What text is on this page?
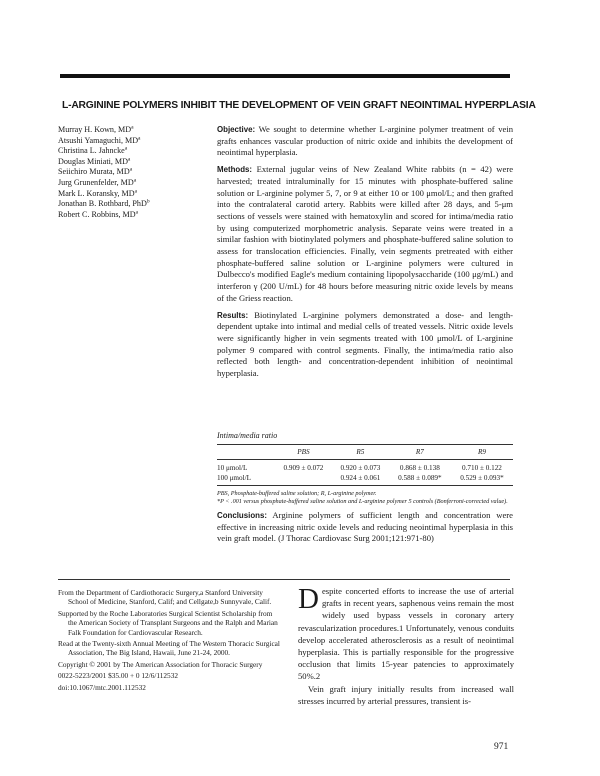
L-ARGININE POLYMERS INHIBIT THE DEVELOPMENT OF VEIN GRAFT NEOINTIMAL HYPERPLASIA
Murray H. Kown, $MD^a$
Atsushi Yamaguchi, $MD^a$
Christina L. Jahncke$^a$
Douglas Miniati, $MD^a$
Seiichiro Murata, $MD^a$
Jurg Grunenfelder, $MD^a$
Mark L. Koransky, $MD^a$
Jonathan B. Rothbard, PhD$^b$
Robert C. Robbins, $MD^a$

Objective: We sought to determine whether L-arginine polymer treatment of vein grafts enhances vascular production of nitric oxide and inhibits the development of neointimal hyperplasia.

Methods: External jugular veins of New Zealand White rabbits (n = 42) were harvested; treated intraluminally for 15 minutes with phosphate-buffered saline solution or L-arginine polymer 5, 7, or 9 at either 10 or 100 μmol/L; and then grafted into the contralateral carotid artery. Rabbits were killed after 28 days, and 5-μm sections of vessels were stained with hematoxylin and scored for intima/media ratio by using computerized morphometric analysis. Separate veins were treated in a similar fashion with biotinylated polymers and phosphate-buffered saline solution to assess for translocation efficiencies. Finally, vein segments pretreated with either phosphate-buffered saline solution or L-arginine polymers were cultured in Dulbecco's modified Eagle's medium containing lipopolysaccharide (100 μg/mL) and interferon γ (200 U/mL) for 48 hours before measuring nitric oxide levels by means of the Griess reaction.

Results: Biotinylated L-arginine polymers demonstrated a dose- and length-dependent uptake into intimal and medial cells of treated vessels. Nitric oxide levels were significantly higher in vein segments treated with 100 μmol/L of L-arginine polymer 9 compared with control segments. Finally, the intima/media ratio also reflected both length- and concentration-dependent inhibition of neointimal hyperplasia.

Intima/media ratio
	PBS	R5	R7	R9
10 μmol/L	0.909 ± 0.072	0.920 ± 0.073	0.868 ± 0.138	0.710 ± 0.122
100 μmol/L		0.924 ± 0.061	0.588 ± 0.089*	0.529 ± 0.093*
PBS, Phosphate-buffered saline solution; R, L-arginine polymer.
*P < .001 versus phosphate-buffered saline solution and L-arginine polymer 5 controls (Bonferroni-corrected value).

Conclusions: Arginine polymers of sufficient length and concentration were effective in increasing nitric oxide levels and reducing neointimal hyperplasia in this vein graft model. (J Thorac Cardiovasc Surg 2001;121:971-80)

From the Department of Cardiothoracic Surgery,a Stanford University School of Medicine, Stanford, Calif; and Cellgate,b Sunnyvale, Calif.

Supported by the Roche Laboratories Surgical Scientist Scholarship from the American Society of Transplant Surgeons and the Ralph and Marian Falk Foundation for Cardiovascular Research.

Read at the Twenty-sixth Annual Meeting of The Western Thoracic Surgical Association, The Big Island, Hawaii, June 21-24, 2000.

Copyright © 2001 by The American Association for Thoracic Surgery

0022-5223/2001 $35.00 + 0 12/6/112532

doi:10.1067/mtc.2001.112532

Despite concerted efforts to increase the use of arterial grafts in recent years, saphenous veins remain the most widely used bypass vessels in coronary artery revascularization procedures.1 Unfortunately, venous conduits develop accelerated atherosclerosis as a result of neointimal hyperplasia. This is partially responsible for the progressive occlusion that limits 15-year patencies to approximately 50%.2

Vein graft injury initially results from increased wall stresses incurred by arterial pressures, transient is-

971
